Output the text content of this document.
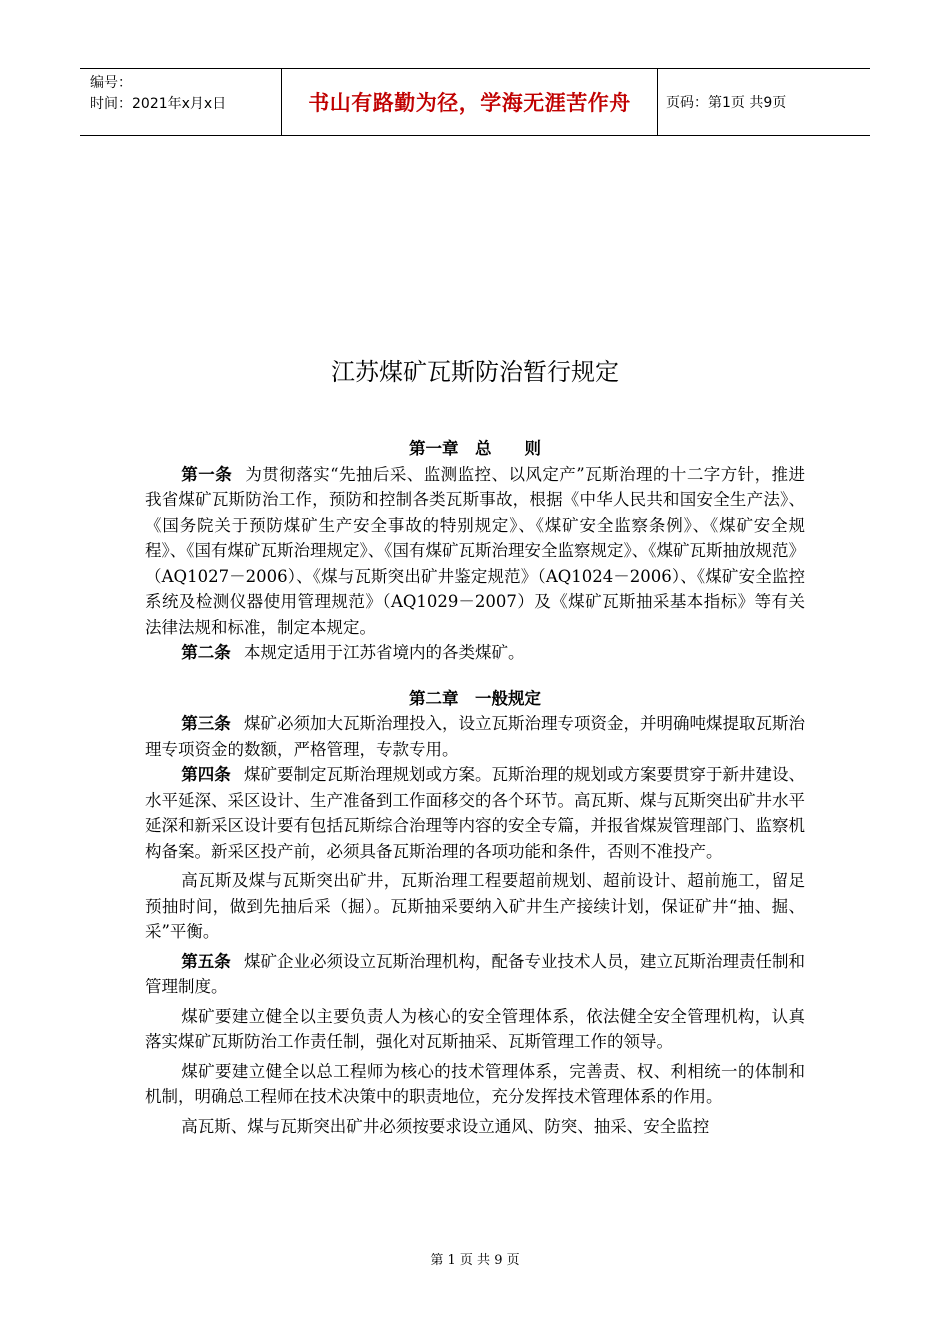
编号：
时间：2021年x月x日	书山有路勤为径，学海无涯苦作舟	页码：第1页 共9页
江苏煤矿瓦斯防治暂行规定

第一章　总　　则

第一条 为贯彻落实“先抽后采、监测监控、以风定产”瓦斯治理的十二字方针，推进我省煤矿瓦斯防治工作，预防和控制各类瓦斯事故，根据《中华人民共和国安全生产法》、《国务院关于预防煤矿生产安全事故的特别规定》、《煤矿安全监察条例》、《煤矿安全规程》、《国有煤矿瓦斯治理规定》、《国有煤矿瓦斯治理安全监察规定》、《煤矿瓦斯抽放规范》（AQ1027－2006）、《煤与瓦斯突出矿井鉴定规范》（AQ1024－2006）、《煤矿安全监控系统及检测仪器使用管理规范》（AQ1029－2007）及《煤矿瓦斯抽采基本指标》等有关法律法规和标准，制定本规定。

第二条 本规定适用于江苏省境内的各类煤矿。

第二章　一般规定

第三条 煤矿必须加大瓦斯治理投入，设立瓦斯治理专项资金，并明确吨煤提取瓦斯治理专项资金的数额，严格管理，专款专用。

第四条 煤矿要制定瓦斯治理规划或方案。瓦斯治理的规划或方案要贯穿于新井建设、水平延深、采区设计、生产准备到工作面移交的各个环节。高瓦斯、煤与瓦斯突出矿井水平延深和新采区设计要有包括瓦斯综合治理等内容的安全专篇，并报省煤炭管理部门、监察机构备案。新采区投产前，必须具备瓦斯治理的各项功能和条件，否则不准投产。

高瓦斯及煤与瓦斯突出矿井，瓦斯治理工程要超前规划、超前设计、超前施工，留足预抽时间，做到先抽后采（掘）。瓦斯抽采要纳入矿井生产接续计划，保证矿井“抽、掘、采”平衡。

第五条 煤矿企业必须设立瓦斯治理机构，配备专业技术人员，建立瓦斯治理责任制和管理制度。

煤矿要建立健全以主要负责人为核心的安全管理体系，依法健全安全管理机构，认真落实煤矿瓦斯防治工作责任制，强化对瓦斯抽采、瓦斯管理工作的领导。

煤矿要建立健全以总工程师为核心的技术管理体系，完善责、权、利相统一的体制和机制，明确总工程师在技术决策中的职责地位，充分发挥技术管理体系的作用。

高瓦斯、煤与瓦斯突出矿井必须按要求设立通风、防突、抽采、安全监控

第 1 页 共 9 页
